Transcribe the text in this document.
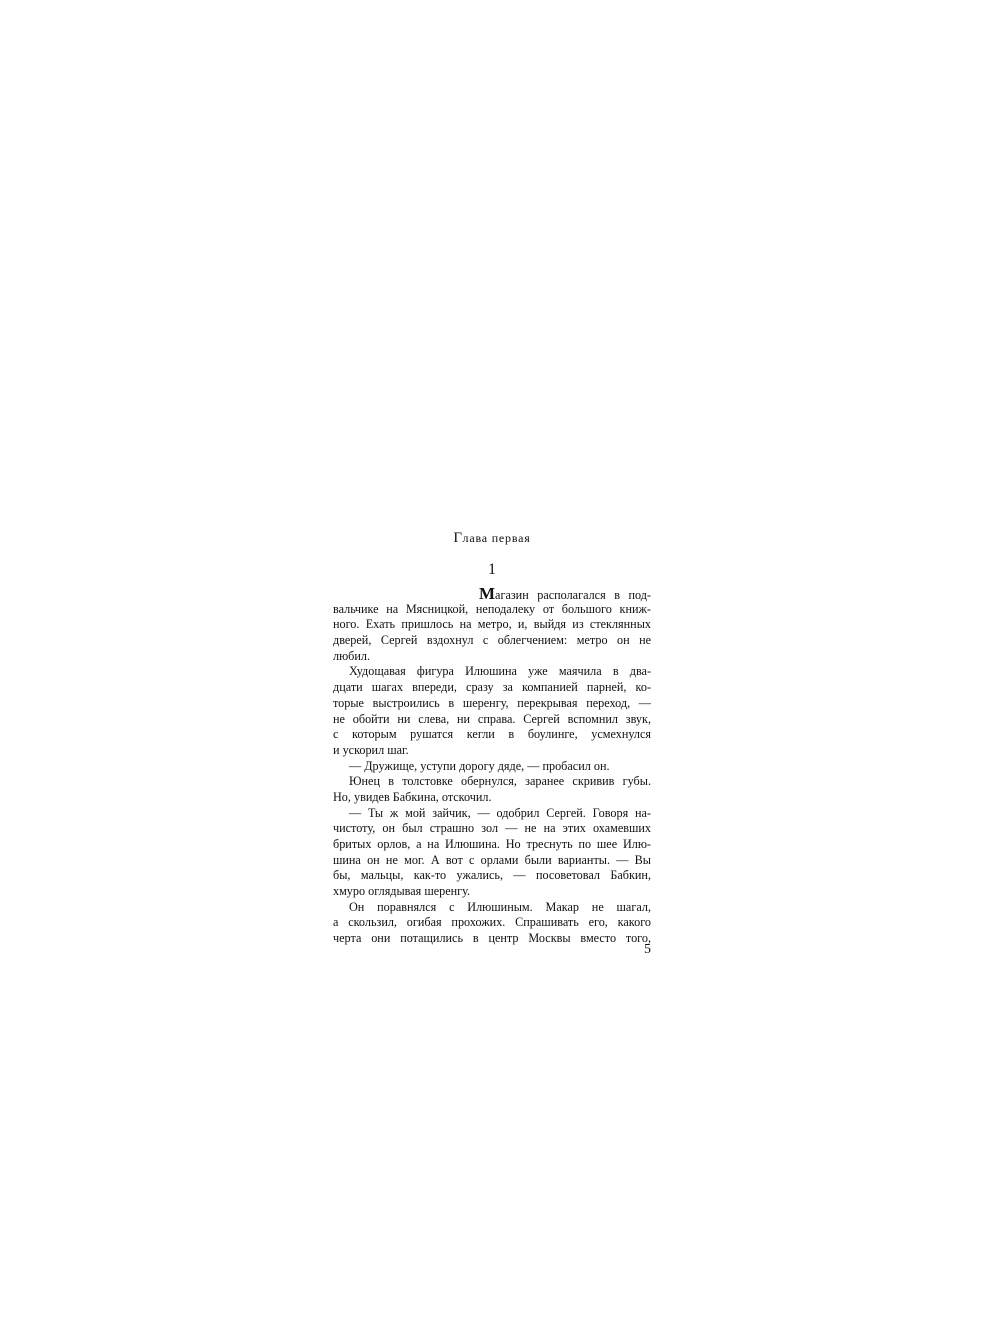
Глава первая
1
Магазин располагался в под-
вальчике на Мясницкой, неподалеку от большого книж-
ного. Ехать пришлось на метро, и, выйдя из стеклянных
дверей, Сергей вздохнул с облегчением: метро он не
любил.
Худощавая фигура Илюшина уже маячила в два-
дцати шагах впереди, сразу за компанией парней, ко-
торые выстроились в шеренгу, перекрывая переход, —
не обойти ни слева, ни справа. Сергей вспомнил звук,
с которым рушатся кегли в боулинге, усмехнулся
и ускорил шаг.
— Дружище, уступи дорогу дяде, — пробасил он.
Юнец в толстовке обернулся, заранее скривив губы.
Но, увидев Бабкина, отскочил.
— Ты ж мой зайчик, — одобрил Сергей. Говоря на-
чистоту, он был страшно зол — не на этих охамевших
бритых орлов, а на Илюшина. Но треснуть по шее Илю-
шина он не мог. А вот с орлами были варианты. — Вы
бы, мальцы, как-то ужались, — посоветовал Бабкин,
хмуро оглядывая шеренгу.
Он поравнялся с Илюшиным. Макар не шагал,
а скользил, огибая прохожих. Спрашивать его, какого
черта они потащились в центр Москвы вместо того,
5
